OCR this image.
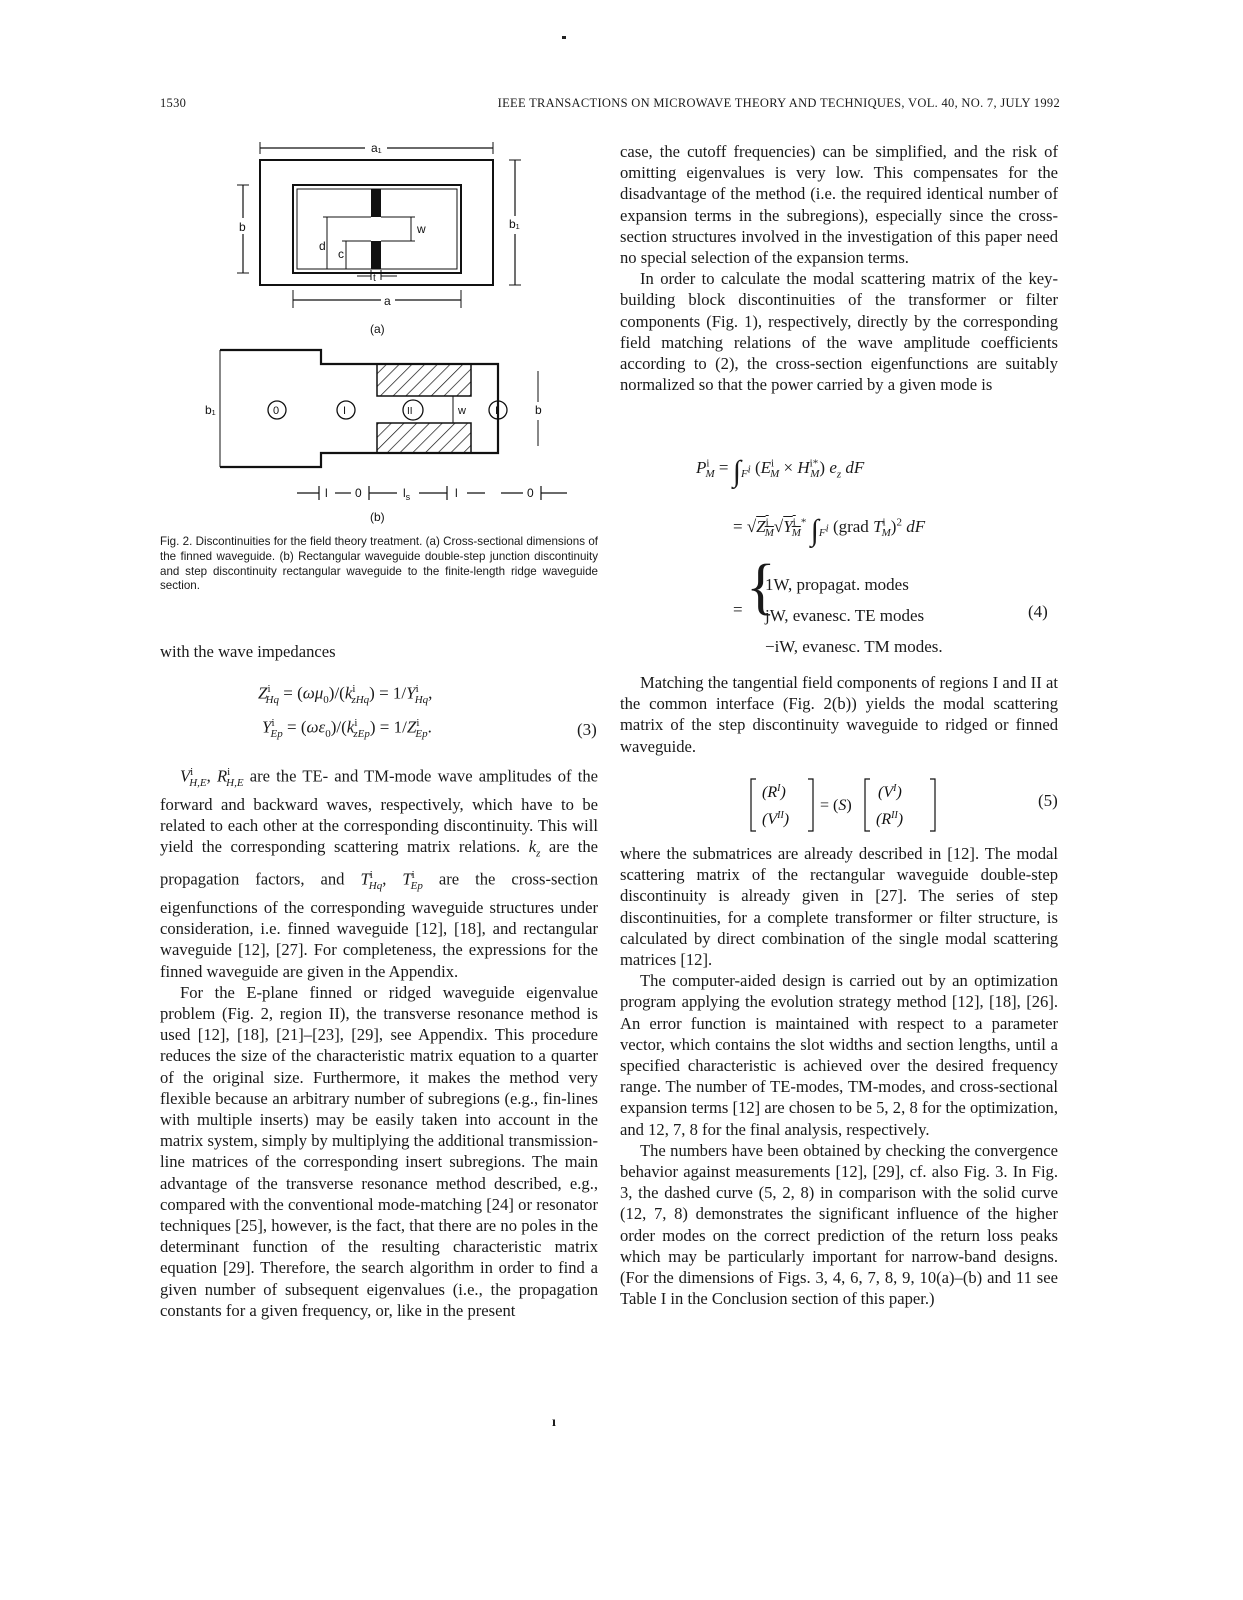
1530	IEEE TRANSACTIONS ON MICROWAVE THEORY AND TECHNIQUES, VOL. 40, NO. 7, JULY 1992
a₁
b	b₁
w
d
c
t
a
(a)
w
b₁	b
0	I	II	I
l 0	$l_s$	l	0
(b)
Fig. 2. Discontinuities for the field theory treatment. (a) Cross-sectional dimensions of the finned waveguide. (b) Rectangular waveguide double-step junction discontinuity and step discontinuity rectangular waveguide to the finite-length ridge waveguide section.
with the wave impedances
$Z^i_{Hq} = (\omega\mu_0)/(k^i_{zHq}) = 1/Y^i_{Hq}$,
$Y^i_{Ep} = (\omega\varepsilon_0)/(k^i_{zEp}) = 1/Z^i_{Ep}$.	(3)

$V^i_{H,E}$, $R^i_{H,E}$ are the TE- and TM-mode wave amplitudes of the forward and backward waves, respectively, which have to be related to each other at the corresponding discontinuity. This will yield the corresponding scattering matrix relations. $k_z$ are the propagation factors, and $T^i_{Hq}$, $T^i_{Ep}$ are the cross-section eigenfunctions of the corresponding waveguide structures under consideration, i.e. finned waveguide [12], [18], and rectangular waveguide [12], [27]. For completeness, the expressions for the finned waveguide are given in the Appendix.

For the E-plane finned or ridged waveguide eigenvalue problem (Fig. 2, region II), the transverse resonance method is used [12], [18], [21]–[23], [29], see Appendix. This procedure reduces the size of the characteristic matrix equation to a quarter of the original size. Furthermore, it makes the method very flexible because an arbitrary number of subregions (e.g., fin-lines with multiple inserts) may be easily taken into account in the matrix system, simply by multiplying the additional transmission-line matrices of the corresponding insert subregions. The main advantage of the transverse resonance method described, e.g., compared with the conventional mode-matching [24] or resonator techniques [25], however, is the fact, that there are no poles in the determinant function of the resulting characteristic matrix equation [29]. Therefore, the search algorithm in order to find a given number of subsequent eigenvalues (i.e., the propagation constants for a given frequency, or, like in the present

case, the cutoff frequencies) can be simplified, and the risk of omitting eigenvalues is very low. This compensates for the disadvantage of the method (i.e. the required identical number of expansion terms in the subregions), especially since the cross-section structures involved in the investigation of this paper need no special selection of the expansion terms.

In order to calculate the modal scattering matrix of the key-building block discontinuities of the transformer or filter components (Fig. 1), respectively, directly by the corresponding field matching relations of the wave amplitude coefficients according to (2), the cross-section eigenfunctions are suitably normalized so that the power carried by a given mode is

$P^i_M = \int_{F^i}$ $(E^i_M \times H^{i*}_M)$ $e_z$ dF
= $√Z^i_M√Y^i_M^*$ $\int_{F^i}$ (grad $T^i_M)^2$ dF
= {
1W, propagat. modes
jW, evanesc. TE modes
−iW, evanesc. TM modes.
(4)

Matching the tangential field components of regions I and II at the common interface (Fig. 2(b)) yields the modal scattering matrix of the step discontinuity waveguide to ridged or finned waveguide.

$(R^I)$
$(V^{II})$
= (S)
$(V^I)$
$(R^{II})$
(5)

where the submatrices are already described in [12]. The modal scattering matrix of the rectangular waveguide double-step discontinuity is already given in [27]. The series of step discontinuities, for a complete transformer or filter structure, is calculated by direct combination of the single modal scattering matrices [12].

The computer-aided design is carried out by an optimization program applying the evolution strategy method [12], [18], [26]. An error function is maintained with respect to a parameter vector, which contains the slot widths and section lengths, until a specified characteristic is achieved over the desired frequency range. The number of TE-modes, TM-modes, and cross-sectional expansion terms [12] are chosen to be 5, 2, 8 for the optimization, and 12, 7, 8 for the final analysis, respectively.

The numbers have been obtained by checking the convergence behavior against measurements [12], [29], cf. also Fig. 3. In Fig. 3, the dashed curve (5, 2, 8) in comparison with the solid curve (12, 7, 8) demonstrates the significant influence of the higher order modes on the correct prediction of the return loss peaks which may be particularly important for narrow-band designs. (For the dimensions of Figs. 3, 4, 6, 7, 8, 9, 10(a)–(b) and 11 see Table I in the Conclusion section of this paper.)

ı
